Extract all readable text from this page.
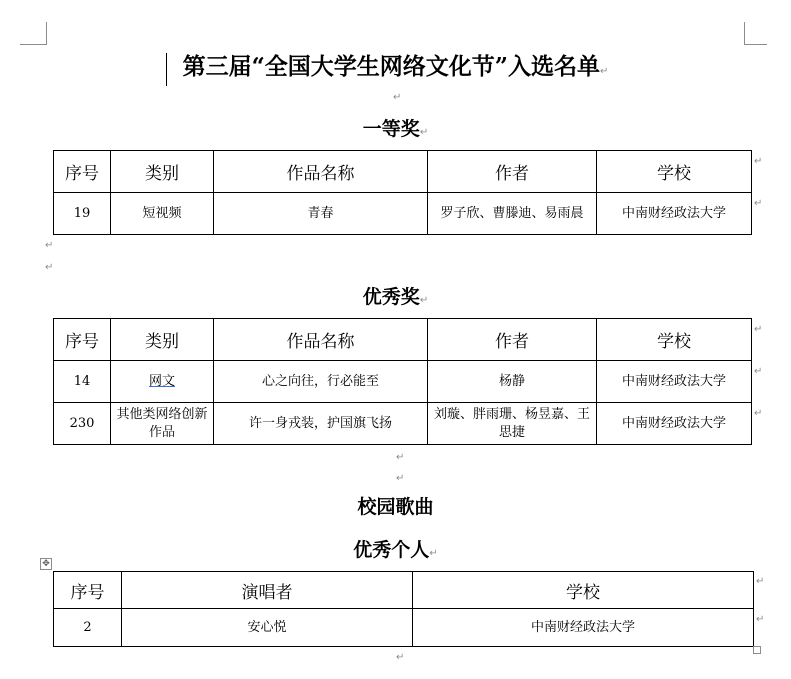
第三届“全国大学生网络文化节”入选名单↵
↵
一等奖↵
序号	类别	作品名称	作者	学校
19	短视频	青春	罗子欣、曹滕迪、易雨晨	中南财经政法大学
↵
↵
↵
↵
优秀奖↵
序号	类别	作品名称	作者	学校
14	网文	心之向往，行必能至	杨静	中南财经政法大学
230	其他类网络创新作品	许一身戎装，护国旗飞扬	刘璇、胖雨珊、杨昱嘉、王思捷	中南财经政法大学
↵
↵
↵
↵
↵
校园歌曲
优秀个人↵
✥
序号	演唱者	学校
2	安心悦	中南财经政法大学
↵
↵
↵
